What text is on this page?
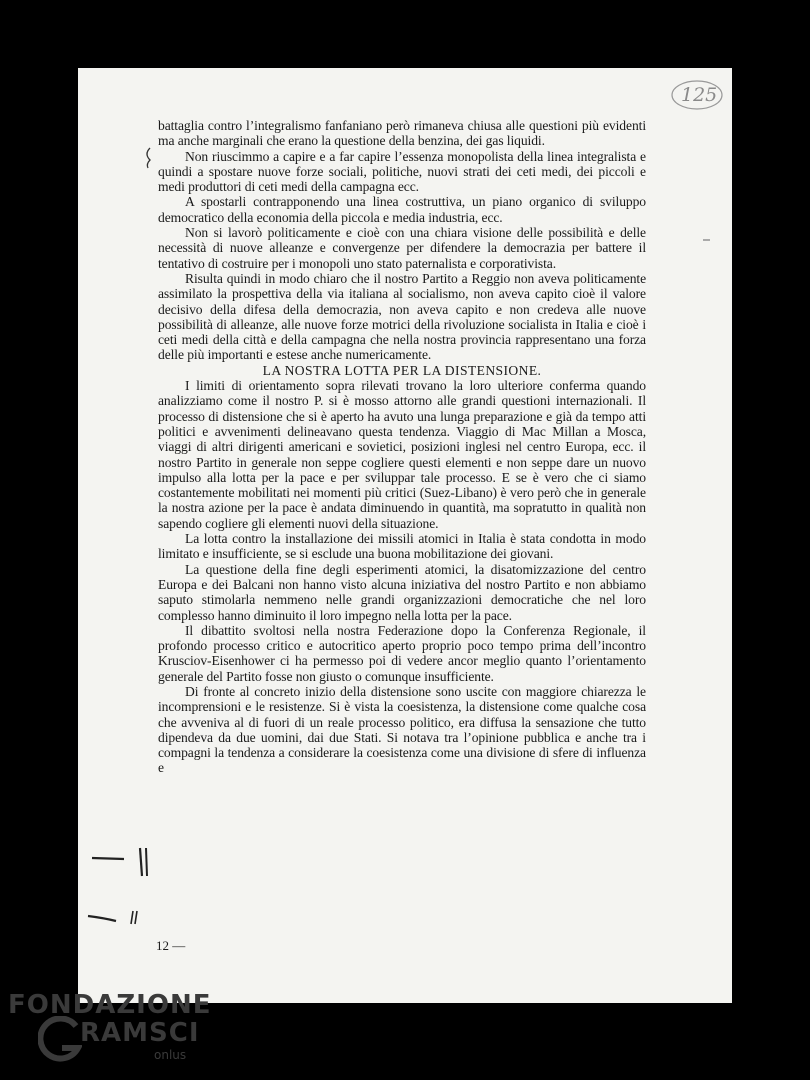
125

battaglia contro l’integralismo fanfaniano però rimaneva chiusa alle questioni più evidenti ma anche marginali che erano la questione della benzina, dei gas liquidi.

Non riuscimmo a capire e a far capire l’essenza monopolista della linea integralista e quindi a spostare nuove forze sociali, politiche, nuovi strati dei ceti medi, dei piccoli e medi produttori di ceti medi della campagna ecc.

A spostarli contrapponendo una linea costruttiva, un piano organico di sviluppo democratico della economia della piccola e media industria, ecc.

Non si lavorò politicamente e cioè con una chiara visione delle possibilità e delle necessità di nuove alleanze e convergenze per difendere la democrazia per battere il tentativo di costruire per i monopoli uno stato paternalista e corporativista.

Risulta quindi in modo chiaro che il nostro Partito a Reggio non aveva politicamente assimilato la prospettiva della via italiana al socialismo, non aveva capito cioè il valore decisivo della difesa della democrazia, non aveva capito e non credeva alle nuove possibilità di alleanze, alle nuove forze motrici della rivoluzione socialista in Italia e cioè i ceti medi della città e della campagna che nella nostra provincia rappresentano una forza delle più importanti e estese anche numericamente.

LA NOSTRA LOTTA PER LA DISTENSIONE.

I limiti di orientamento sopra rilevati trovano la loro ulteriore conferma quando analizziamo come il nostro P. si è mosso attorno alle grandi questioni internazionali. Il processo di distensione che si è aperto ha avuto una lunga preparazione e già da tempo atti politici e avvenimenti delineavano questa tendenza. Viaggio di Mac Millan a Mosca, viaggi di altri dirigenti americani e sovietici, posizioni inglesi nel centro Europa, ecc. il nostro Partito in generale non seppe cogliere questi elementi e non seppe dare un nuovo impulso alla lotta per la pace e per sviluppar tale processo. E se è vero che ci siamo costantemente mobilitati nei momenti più critici (Suez-Libano) è vero però che in generale la nostra azione per la pace è andata diminuendo in quantità, ma sopratutto in qualità non sapendo cogliere gli elementi nuovi della situazione.

La lotta contro la installazione dei missili atomici in Italia è stata condotta in modo limitato e insufficiente, se si esclude una buona mobilitazione dei giovani.

La questione della fine degli esperimenti atomici, la disatomizzazione del centro Europa e dei Balcani non hanno visto alcuna iniziativa del nostro Partito e non abbiamo saputo stimolarla nemmeno nelle grandi organizzazioni democratiche che nel loro complesso hanno diminuito il loro impegno nella lotta per la pace.

Il dibattito svoltosi nella nostra Federazione dopo la Conferenza Regionale, il profondo processo critico e autocritico aperto proprio poco tempo prima dell’incontro Krusciov-Eisenhower ci ha permesso poi di vedere ancor meglio quanto l’orientamento generale del Partito fosse non giusto o comunque insufficiente.

Di fronte al concreto inizio della distensione sono uscite con maggiore chiarezza le incomprensioni e le resistenze. Si è vista la coesistenza, la distensione come qualche cosa che avveniva al di fuori di un reale processo politico, era diffusa la sensazione che tutto dipendeva da due uomini, dai due Stati. Si notava tra l’opinione pubblica e anche tra i compagni la tendenza a considerare la coesistenza come una divisione di sfere di influenza e

12 —
FONDAZIONE
RAMSCI
onlus
